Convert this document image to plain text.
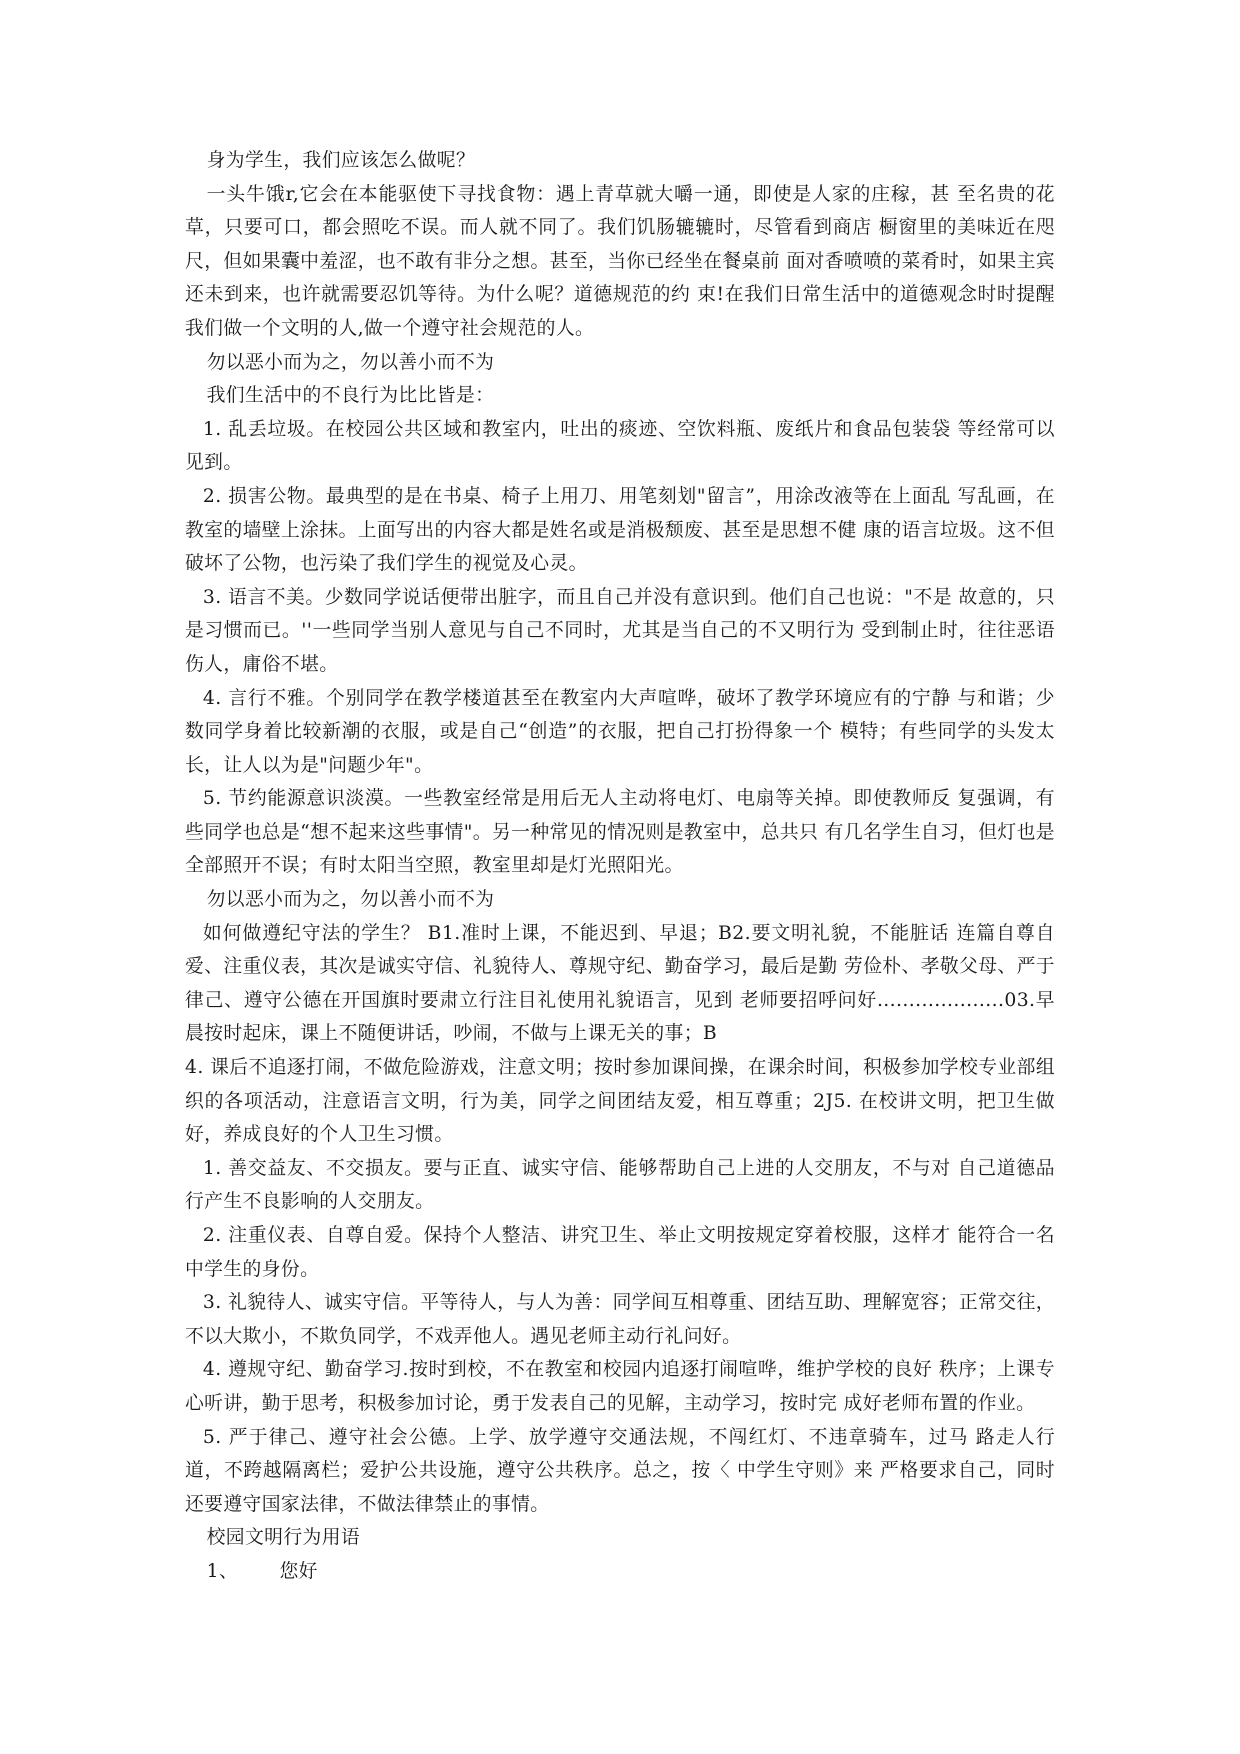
身为学生，我们应该怎么做呢？

一头牛饿r,它会在本能驱使下寻找食物：遇上青草就大嚼一通，即使是人家的庄稼，甚 至名贵的花草，只要可口，都会照吃不误。而人就不同了。我们饥肠辘辘时，尽管看到商店 橱窗里的美味近在咫尺，但如果囊中羞涩，也不敢有非分之想。甚至，当你已经坐在餐桌前 面对香喷喷的菜肴时，如果主宾还未到来，也许就需要忍饥等待。为什么呢？道德规范的约 束!在我们日常生活中的道德观念时时提醒我们做一个文明的人,做一个遵守社会规范的人。

勿以恶小而为之，勿以善小而不为

我们生活中的不良行为比比皆是：

1. 乱丢垃圾。在校园公共区域和教室内，吐出的痰迹、空饮料瓶、废纸片和食品包装袋 等经常可以见到。

2. 损害公物。最典型的是在书桌、椅子上用刀、用笔刻划"留言”，用涂改液等在上面乱 写乱画，在教室的墙壁上涂抹。上面写出的内容大都是姓名或是消极颓废、甚至是思想不健 康的语言垃圾。这不但破坏了公物，也污染了我们学生的视觉及心灵。

3. 语言不美。少数同学说话便带出脏字，而且自己并没有意识到。他们自己也说："不是 故意的，只是习惯而已。''一些同学当别人意见与自己不同时，尤其是当自己的不又明行为 受到制止时，往往恶语伤人，庸俗不堪。

4. 言行不雅。个别同学在教学楼道甚至在教室内大声喧哗，破坏了教学环境应有的宁静 与和谐；少数同学身着比较新潮的衣服，或是自己“创造”的衣服，把自己打扮得象一个 模特；有些同学的头发太长，让人以为是"问题少年"。

5. 节约能源意识淡漠。一些教室经常是用后无人主动将电灯、电扇等关掉。即使教师反 复强调，有些同学也总是“想不起来这些事情"。另一种常见的情况则是教室中，总共只 有几名学生自习，但灯也是全部照开不误；有时太阳当空照，教室里却是灯光照阳光。

勿以恶小而为之，勿以善小而不为

如何做遵纪守法的学生？ B1.准时上课，不能迟到、早退；B2.要文明礼貌，不能脏话 连篇自尊自爱、注重仪表，其次是诚实守信、礼貌待人、尊规守纪、勤奋学习，最后是勤 劳俭朴、孝敬父母、严于律己、遵守公德在开国旗时要肃立行注目礼使用礼貌语言，见到 老师要招呼问好....................03.早晨按时起床，课上不随便讲话，吵闹，不做与上课无关的事；B

4. 课后不追逐打闹，不做危险游戏，注意文明；按时参加课间操，在课余时间，积极参加学校专业部组织的各项活动，注意语言文明，行为美，同学之间团结友爱，相互尊重；2J5. 在校讲文明，把卫生做好，养成良好的个人卫生习惯。

1. 善交益友、不交损友。要与正直、诚实守信、能够帮助自己上进的人交朋友，不与对 自己道德品行产生不良影响的人交朋友。

2. 注重仪表、自尊自爱。保持个人整洁、讲究卫生、举止文明按规定穿着校服，这样才 能符合一名中学生的身份。

3. 礼貌待人、诚实守信。平等待人，与人为善：同学间互相尊重、团结互助、理解宽容；正常交往，不以大欺小，不欺负同学，不戏弄他人。遇见老师主动行礼问好。

4. 遵规守纪、勤奋学习.按时到校，不在教室和校园内追逐打闹喧哗，维护学校的良好 秩序；上课专心听讲，勤于思考，积极参加讨论，勇于发表自己的见解，主动学习，按时完 成好老师布置的作业。

5. 严于律己、遵守社会公德。上学、放学遵守交通法规，不闯红灯、不违章骑车，过马 路走人行道，不跨越隔离栏；爱护公共设施，遵守公共秩序。总之，按〈 中学生守则》来 严格要求自己，同时还要遵守国家法律，不做法律禁止的事情。

校园文明行为用语

1、 您好
